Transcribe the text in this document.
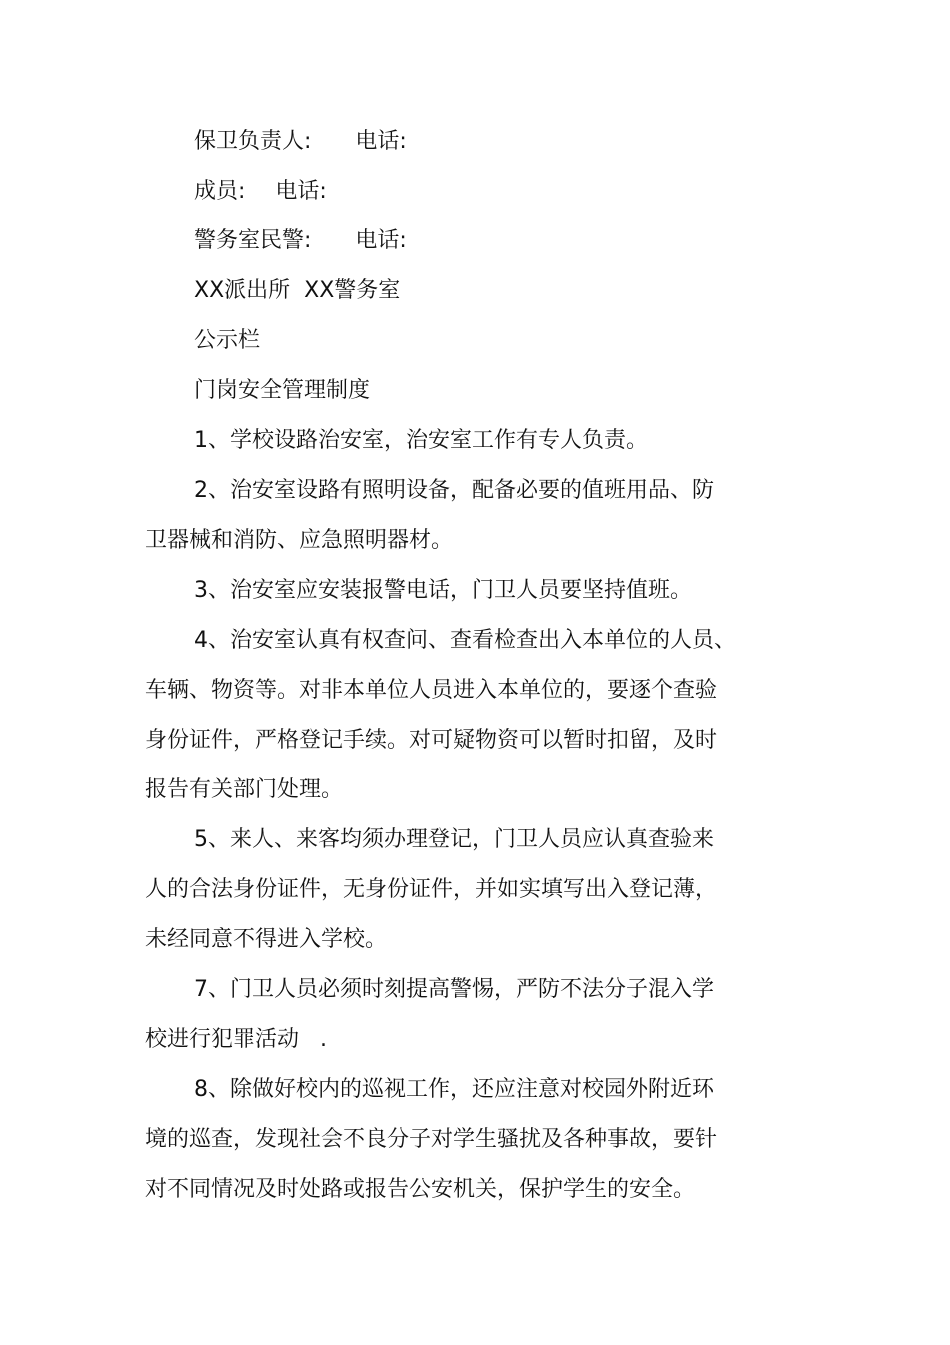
保卫负责人: 电话:
成员: 电话:
警务室民警: 电话:
XX派出所 XX警务室
公示栏
门岗安全管理制度
1、学校设路治安室，治安室工作有专人负责。
2、治安室设路有照明设备，配备必要的值班用品、防
卫器械和消防、应急照明器材。
3、治安室应安装报警电话，门卫人员要坚持值班。
4、治安室认真有权查问、查看检查出入本单位的人员、
车辆、物资等。对非本单位人员进入本单位的，要逐个查验
身份证件，严格登记手续。对可疑物资可以暂时扣留，及时
报告有关部门处理。
5、来人、来客均须办理登记，门卫人员应认真查验来
人的合法身份证件，无身份证件，并如实填写出入登记薄，
未经同意不得进入学校。
7、门卫人员必须时刻提高警惕，严防不法分子混入学
校进行犯罪活动   .
8、除做好校内的巡视工作，还应注意对校园外附近环
境的巡查，发现社会不良分子对学生骚扰及各种事故，要针
对不同情况及时处路或报告公安机关，保护学生的安全。
